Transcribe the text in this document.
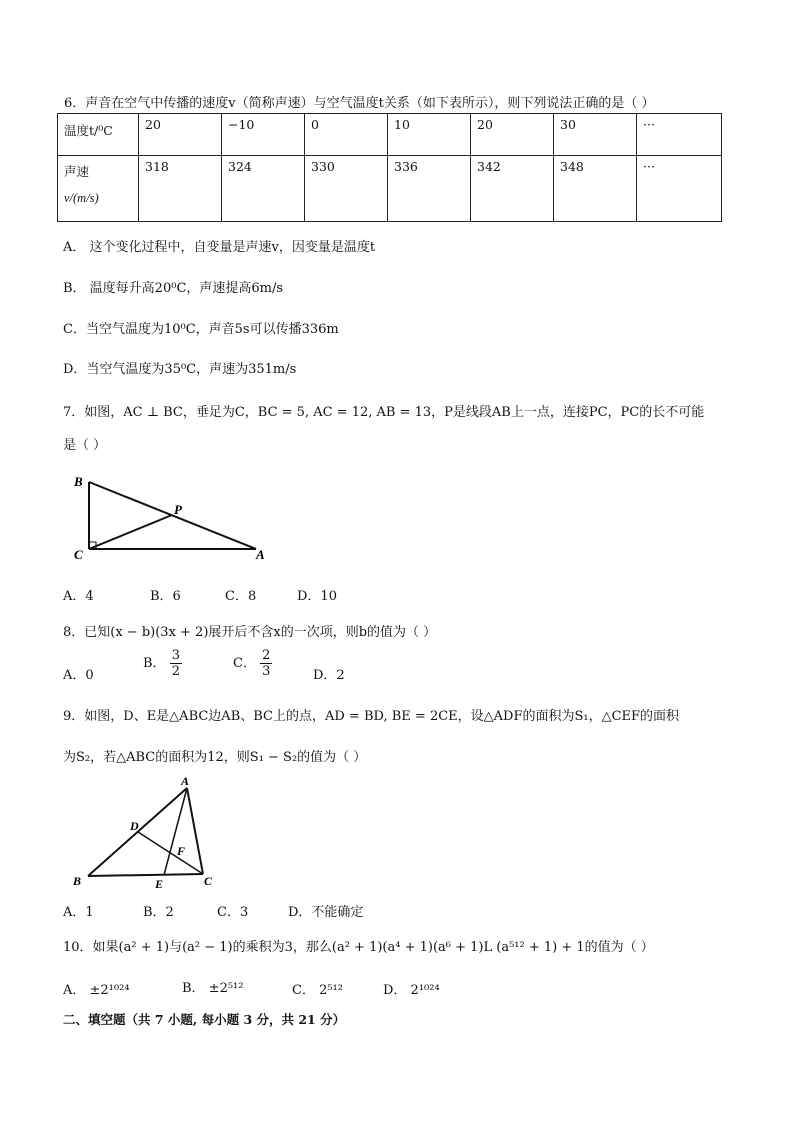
6．声音在空气中传播的速度v（简称声速）与空气温度t关系（如下表所示），则下列说法正确的是（ ）
温度t/⁰C	20	−10	0	10	20	30	···

声速
v/(m/s)	318	324	330	336	342	348	···
A． 这个变化过程中，自变量是声速v，因变量是温度t
B． 温度每升高20⁰C，声速提高6m/s
C．当空气温度为10⁰C，声音5s可以传播336m
D．当空气温度为35⁰C，声速为351m/s
7．如图，AC ⊥ BC，垂足为C，BC = 5, AC = 12, AB = 13，P是线段AB上一点，连接PC，PC的长不可能
是（ ）
B
C	A
P
A．4	B．6	C．8	D．10
8．已知(x − b)(3x + 2)展开后不含x的一次项，则b的值为（ ）
A．0
B． $\frac{3}{2}$	C． $\frac{2}{3}$	D．2
9．如图，D、E是△ABC边AB、BC上的点，AD = BD, BE = 2CE，设△ADF的面积为S₁，△CEF的面积
为S₂，若△ABC的面积为12，则S₁ − S₂的值为（ ）
A
B	C
D
E
F
A．1	B．2	C．3	D．不能确定
10．如果(a² + 1)与(a² − 1)的乘积为3，那么(a² + 1)(a⁴ + 1)(a⁶ + 1)L (a⁵¹² + 1) + 1的值为（ ）
A． ±2¹⁰²⁴	B． ±2⁵¹²	C． 2⁵¹²	D． 2¹⁰²⁴
二、填空题（共 7 小题, 每小题 3 分，共 21 分）
